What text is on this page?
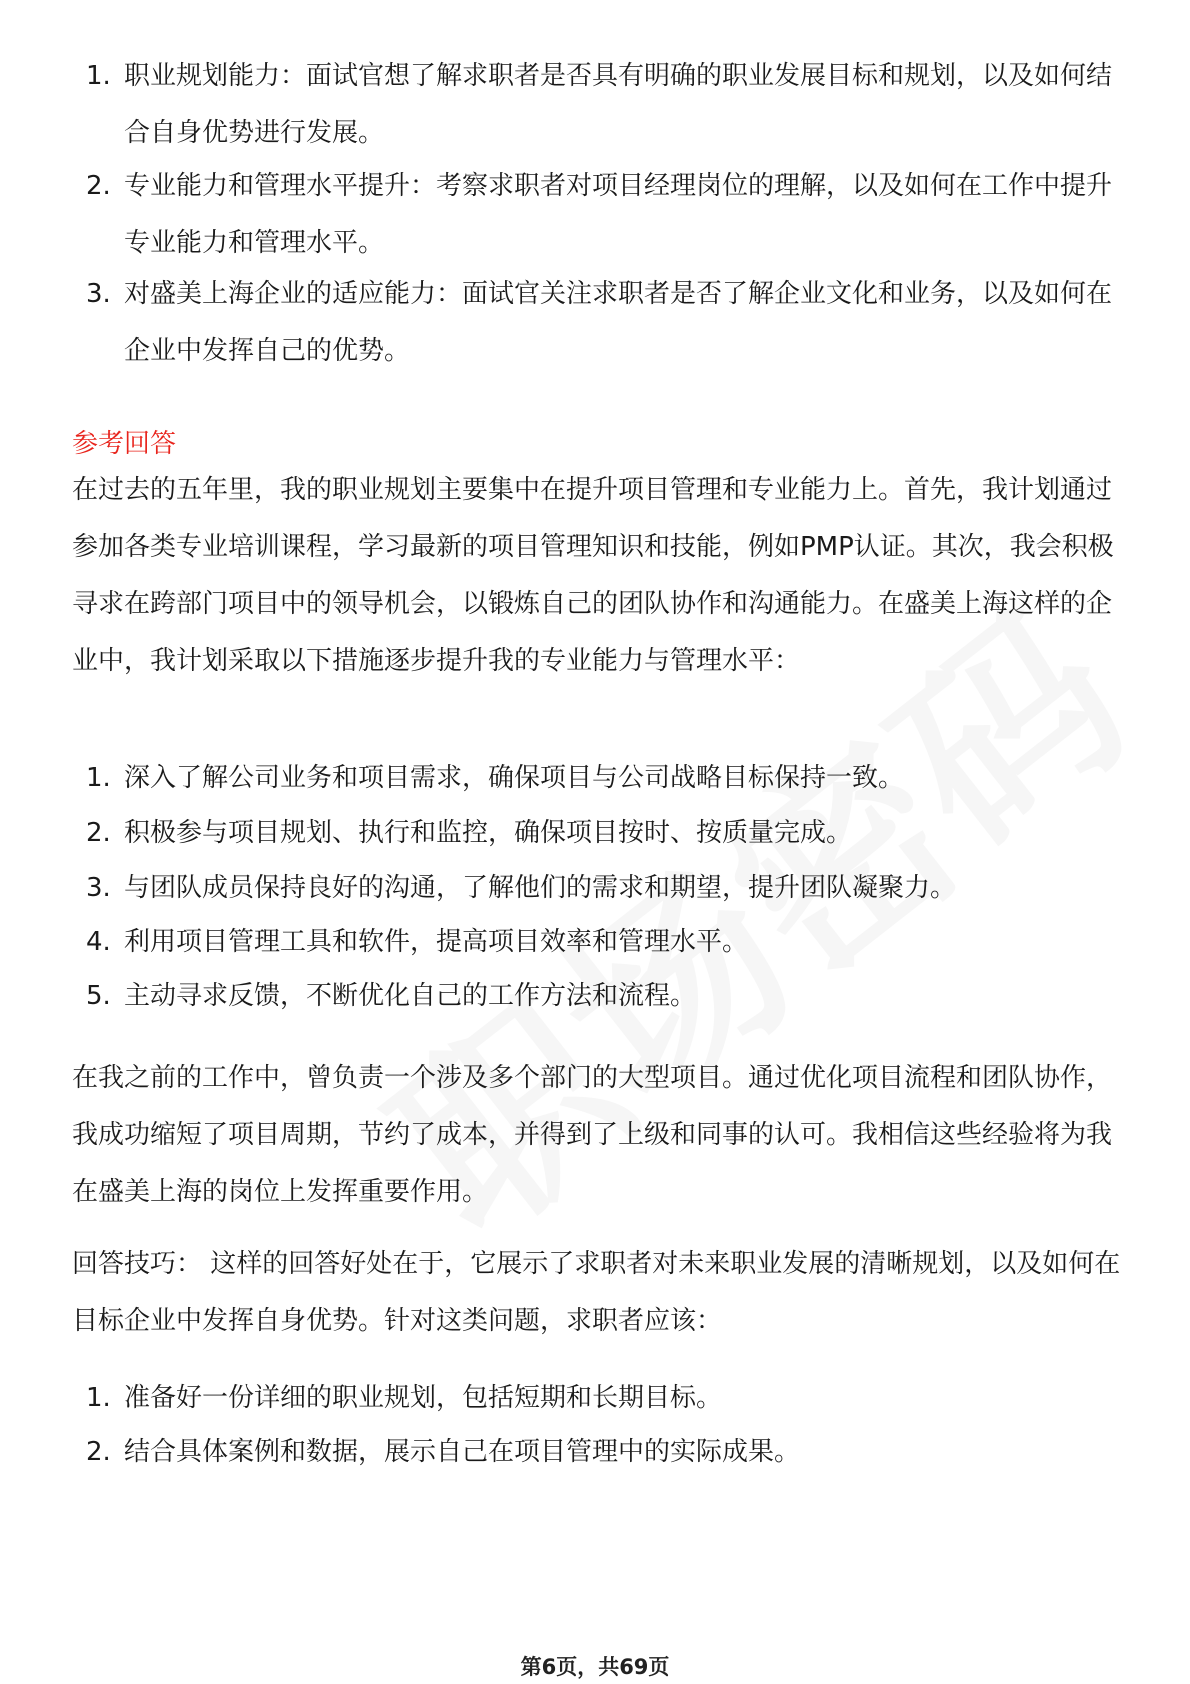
1. 职业规划能力：面试官想了解求职者是否具有明确的职业发展目标和规划，以及如何结合自身优势进行发展。
2. 专业能力和管理水平提升：考察求职者对项目经理岗位的理解，以及如何在工作中提升专业能力和管理水平。
3. 对盛美上海企业的适应能力：面试官关注求职者是否了解企业文化和业务，以及如何在企业中发挥自己的优势。
参考回答

在过去的五年里，我的职业规划主要集中在提升项目管理和专业能力上。首先，我计划通过参加各类专业培训课程，学习最新的项目管理知识和技能，例如PMP认证。其次，我会积极寻求在跨部门项目中的领导机会，以锻炼自己的团队协作和沟通能力。在盛美上海这样的企业中，我计划采取以下措施逐步提升我的专业能力与管理水平：

1. 深入了解公司业务和项目需求，确保项目与公司战略目标保持一致。
2. 积极参与项目规划、执行和监控，确保项目按时、按质量完成。
3. 与团队成员保持良好的沟通，了解他们的需求和期望，提升团队凝聚力。
4. 利用项目管理工具和软件，提高项目效率和管理水平。
5. 主动寻求反馈，不断优化自己的工作方法和流程。

在我之前的工作中，曾负责一个涉及多个部门的大型项目。通过优化项目流程和团队协作，我成功缩短了项目周期，节约了成本，并得到了上级和同事的认可。我相信这些经验将为我在盛美上海的岗位上发挥重要作用。

回答技巧： 这样的回答好处在于，它展示了求职者对未来职业发展的清晰规划，以及如何在目标企业中发挥自身优势。针对这类问题，求职者应该：

1. 准备好一份详细的职业规划，包括短期和长期目标。
2. 结合具体案例和数据，展示自己在项目管理中的实际成果。
第6页，共69页
